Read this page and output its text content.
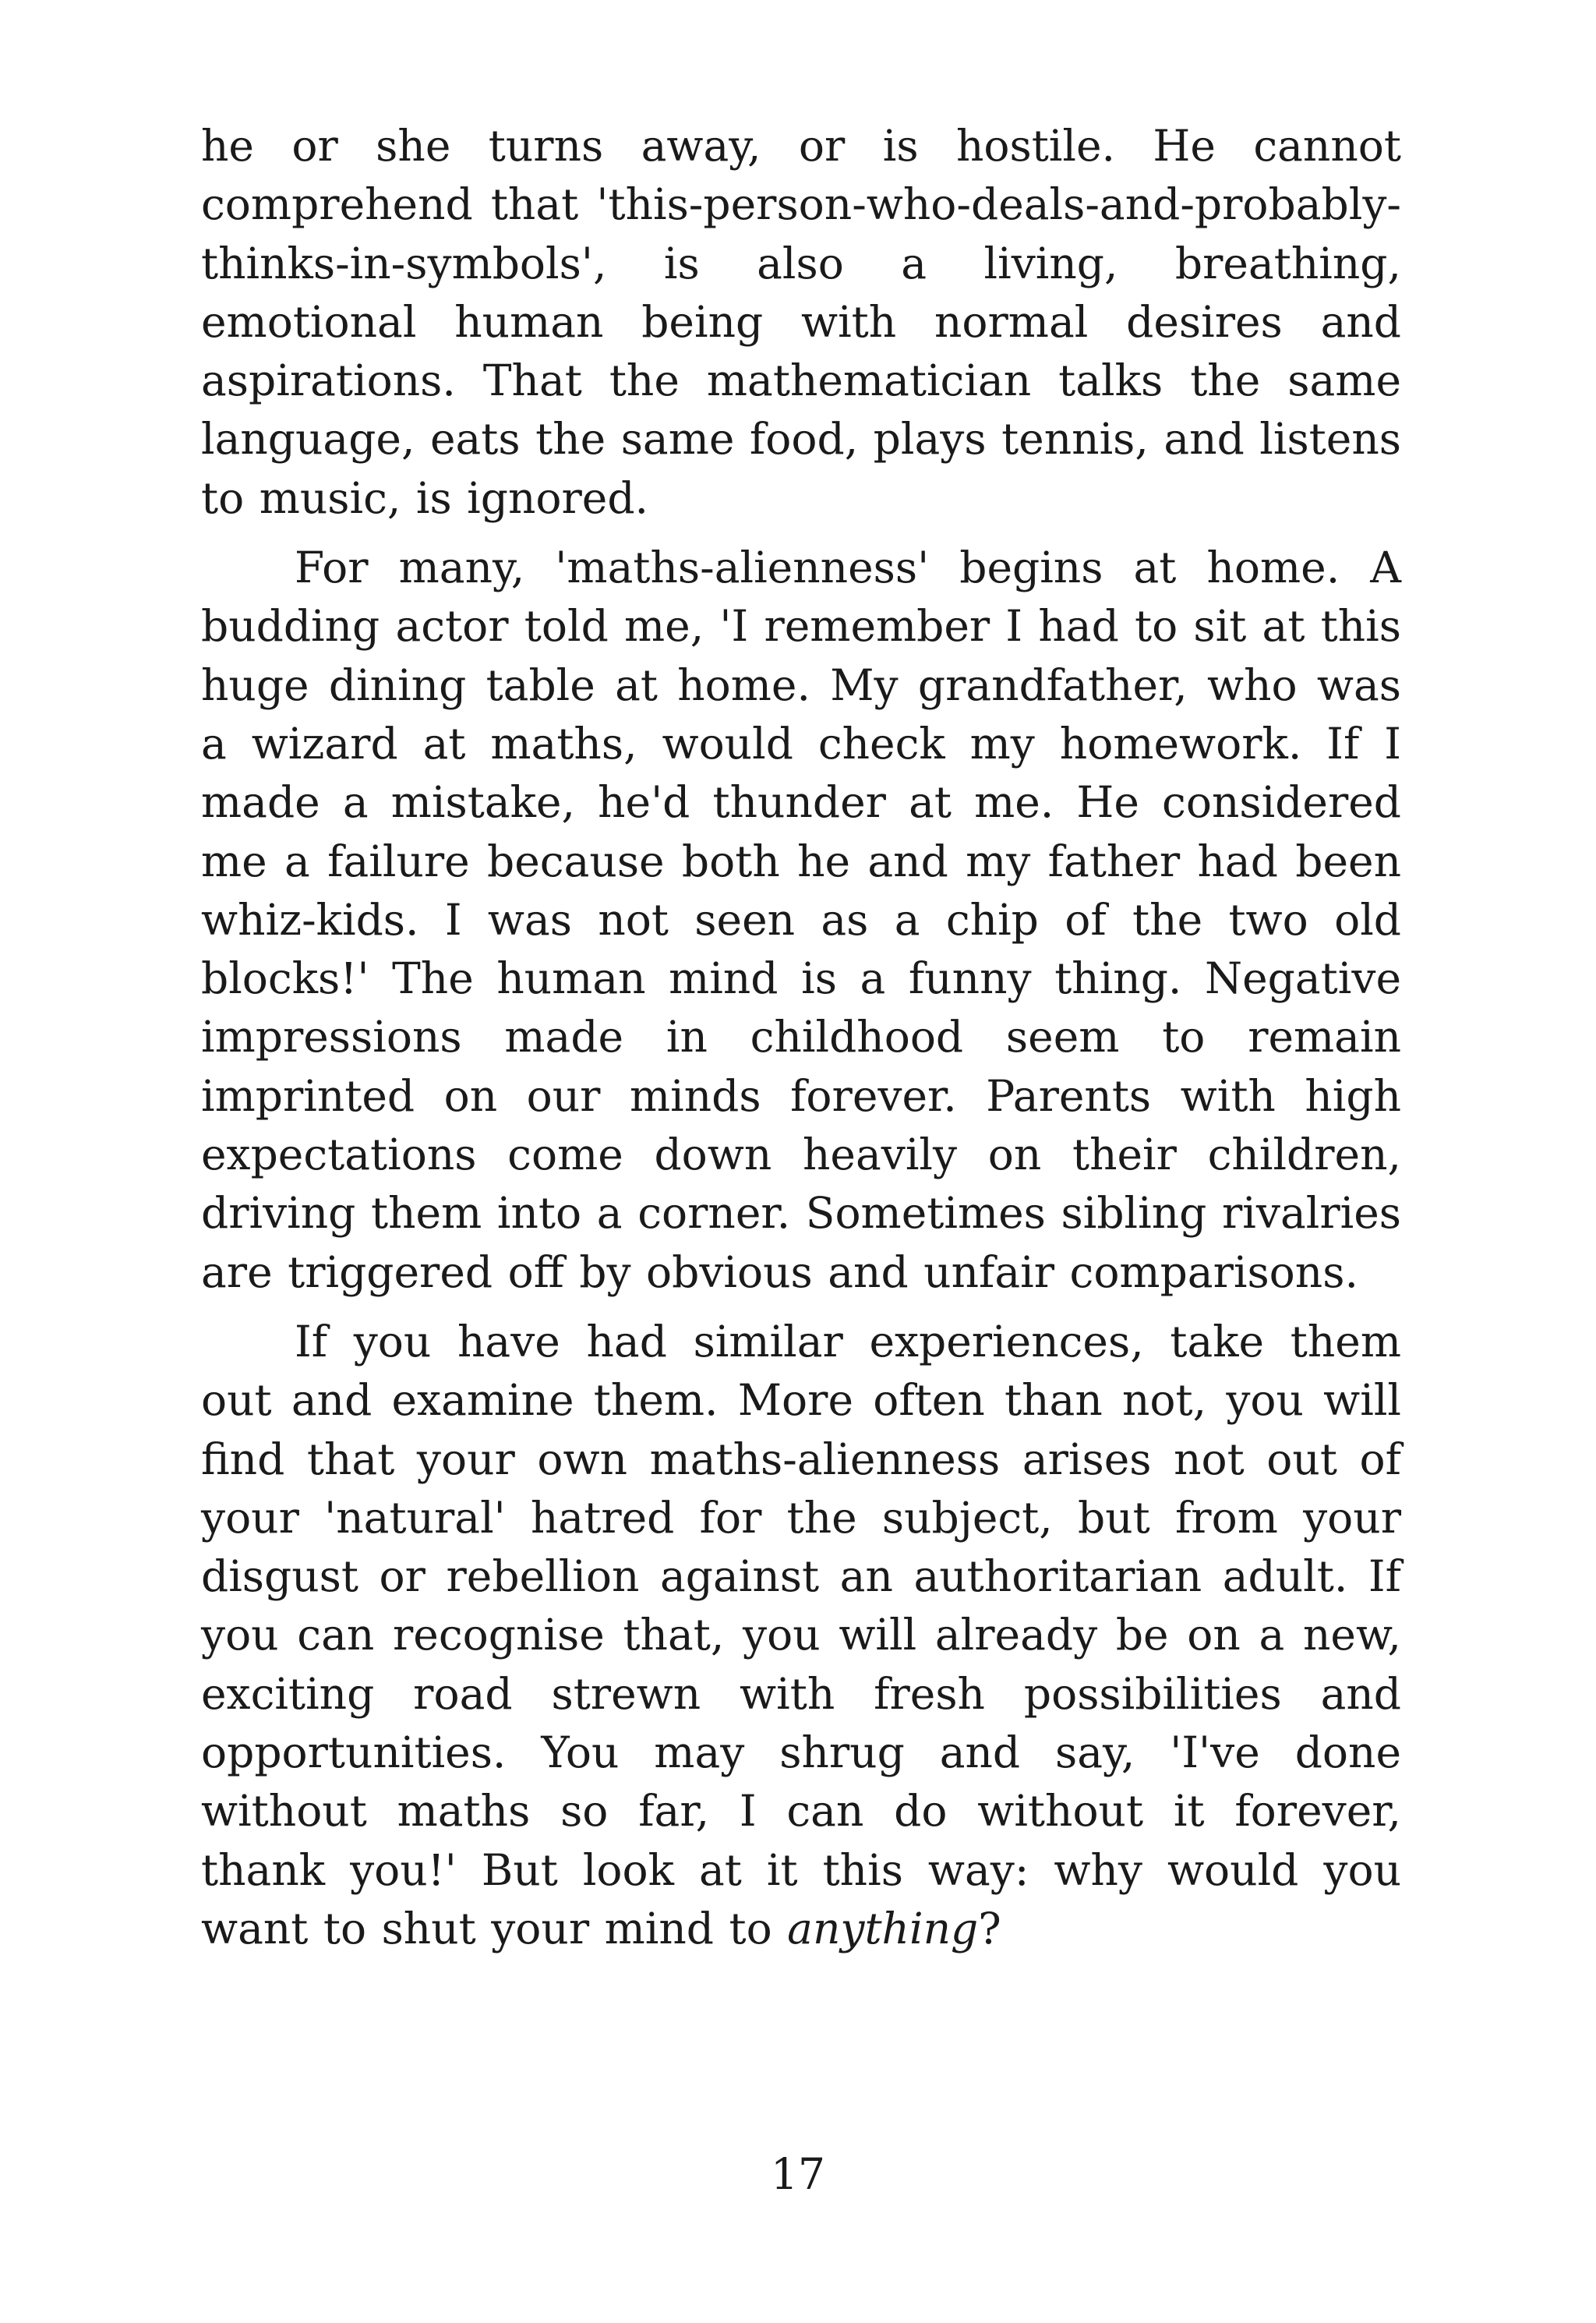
he or she turns away, or is hostile. He cannot comprehend that 'this-person-who-deals-and-probably-thinks-in-symbols', is also a living, breathing, emotional human being with normal desires and aspirations. That the mathematician talks the same language, eats the same food, plays tennis, and listens to music, is ignored.

For many, 'maths-alienness' begins at home. A budding actor told me, 'I remember I had to sit at this huge dining table at home. My grandfather, who was a wizard at maths, would check my homework. If I made a mistake, he'd thunder at me. He considered me a failure because both he and my father had been whiz-kids. I was not seen as a chip of the two old blocks!' The human mind is a funny thing. Negative impressions made in childhood seem to remain imprinted on our minds forever. Parents with high expectations come down heavily on their children, driving them into a corner. Sometimes sibling rivalries are triggered off by obvious and unfair comparisons.

If you have had similar experiences, take them out and examine them. More often than not, you will find that your own maths-alienness arises not out of your 'natural' hatred for the subject, but from your disgust or rebellion against an authoritarian adult. If you can recognise that, you will already be on a new, exciting road strewn with fresh possibilities and opportunities. You may shrug and say, 'I've done without maths so far, I can do without it forever, thank you!' But look at it this way: why would you want to shut your mind to anything?

17
